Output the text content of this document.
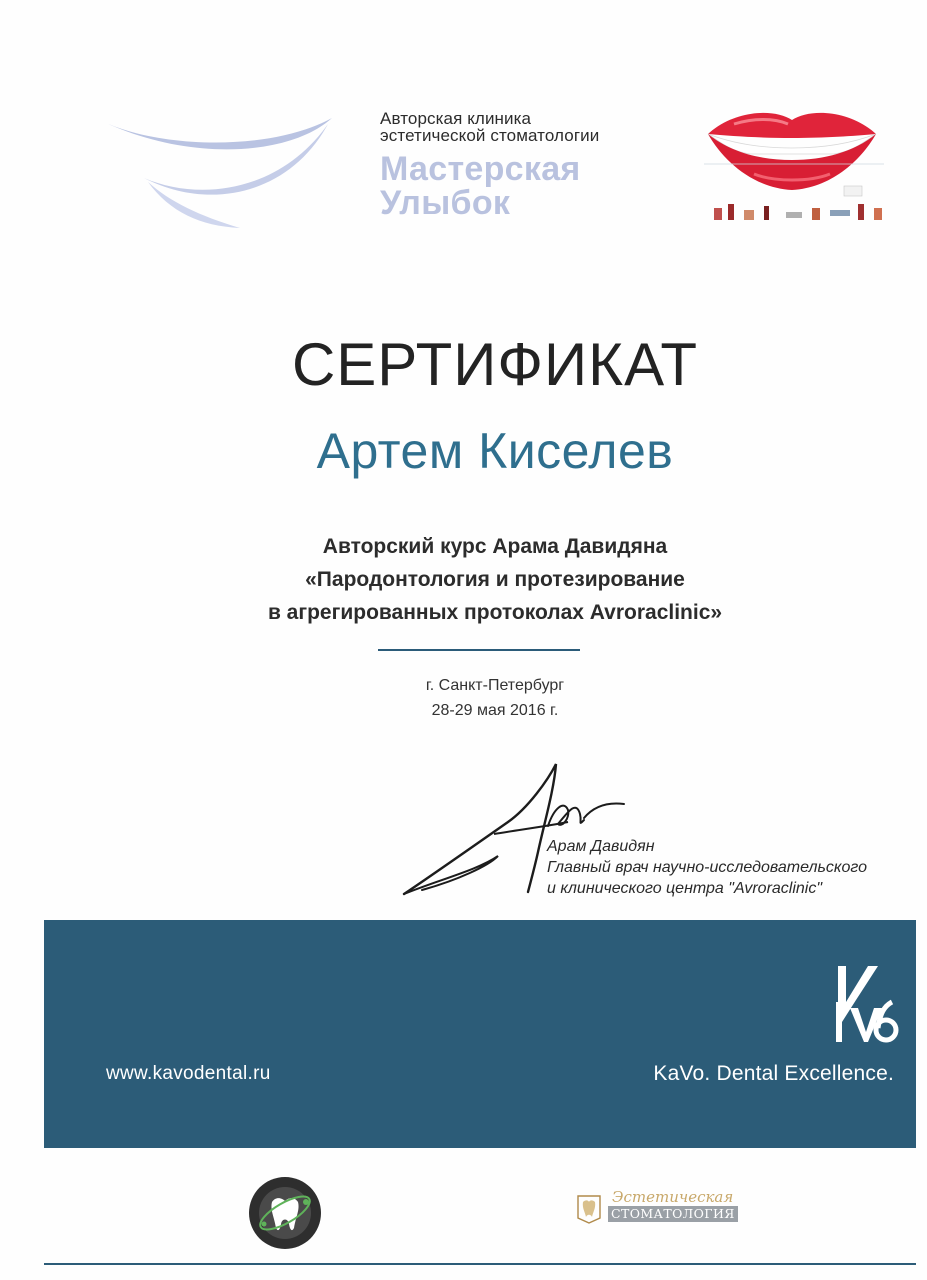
Авторская клиника
эстетической стоматологии
Мастерская
Улыбок
СЕРТИФИКАТ
Артем Киселев
Авторский курс Арама Давидяна
«Пародонтология и протезирование
в агрегированных протоколах Avroraclinic»
г. Санкт-Петербург
28-29 мая 2016 г.
Арам Давидян
Главный врач научно-исследовательского
и клинического центра "Avroraclinic"
www.kavodental.ru	KaVo. Dental Excellence.
Эстетическая
СТОМАТОЛОГИЯ
